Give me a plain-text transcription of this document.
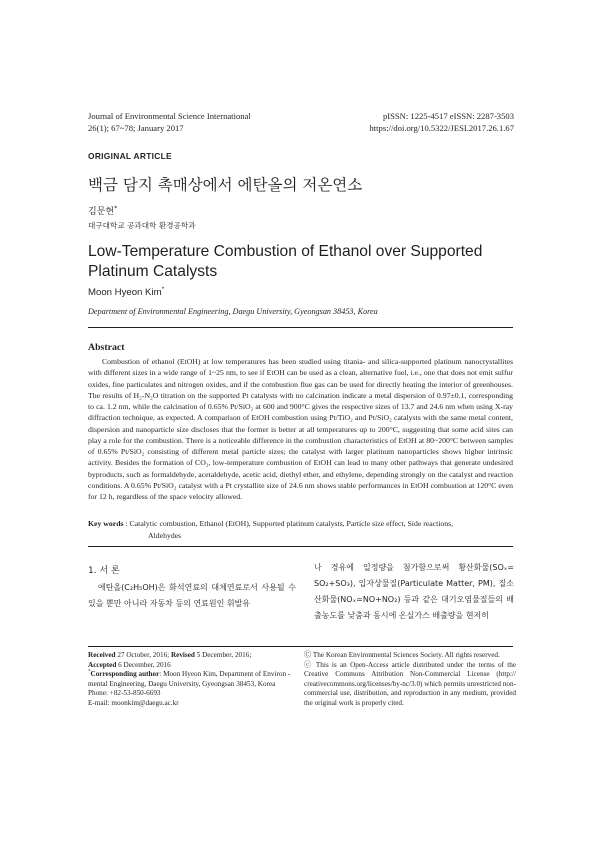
Journal of Environmental Science International
26(1); 67~78; January 2017
pISSN: 1225-4517 eISSN: 2287-3503
https://doi.org/10.5322/JESI.2017.26.1.67
ORIGINAL ARTICLE
백금 담지 촉매상에서 에탄올의 저온연소
김문현*
대구대학교 공과대학 환경공학과
Low-Temperature Combustion of Ethanol over Supported Platinum Catalysts
Moon Hyeon Kim*
Department of Environmental Engineering, Daegu University, Gyeongsan 38453, Korea
Abstract
Combustion of ethanol (EtOH) at low temperatures has been studied using titania- and silica-supported platinum nanocrystallites with different sizes in a wide range of 1~25 nm, to see if EtOH can be used as a clean, alternative fuel, i.e., one that does not emit sulfur oxides, fine particulates and nitrogen oxides, and if the combustion flue gas can be used for directly heating the interior of greenhouses. The results of H₂-N₂O titration on the supported Pt catalysts with no calcination indicate a metal dispersion of 0.97±0.1, corresponding to ca. 1.2 nm, while the calcination of 0.65% Pt/SiO₂ at 600 and 900°C gives the respective sizes of 13.7 and 24.6 nm when using X-ray diffraction technique, as expected. A comparison of EtOH combustion using Pt/TiO₂ and Pt/SiO₂ catalysts with the same metal content, dispersion and nanoparticle size discloses that the former is better at all temperatures up to 200°C, suggesting that some acid sites can play a role for the combustion. There is a noticeable difference in the combustion characteristics of EtOH at 80~200°C between samples of 0.65% Pt/SiO₂ consisting of different metal particle sizes; the catalyst with larger platinum nanoparticles shows higher intrinsic activity. Besides the formation of CO₂, low-temperature combustion of EtOH can lead to many other pathways that generate undesired byproducts, such as formaldehyde, acetaldehyde, acetic acid, diethyl ether, and ethylene, depending strongly on the catalyst and reaction conditions. A 0.65% Pt/SiO₂ catalyst with a Pt crystallite size of 24.6 nm shows stable performances in EtOH combustion at 120°C even for 12 h, regardless of the space velocity allowed.
Key words : Catalytic combustion, Ethanol (EtOH), Supported platinum catalysts, Particle size effect, Side reactions,
Aldehydes
1. 서 론
에탄올(C₂H₅OH)은 화석연료의 대체연료로서 사용될 수 있을 뿐만 아니라 자동차 등의 연료원인 휘발유
나 경유에 일정량을 첨가함으로써 황산화물(SOₓ= SO₂+SO₃), 입자상물질(Particulate Matter, PM), 질소산화물(NOₓ=NO+NO₂) 등과 같은 대기오염물질들의 배출농도를 낮춤과 동시에 온실가스 배출량을 현저히
Received 27 October, 2016; Revised 5 December, 2016;
Accepted 6 December, 2016
*Corresponding author: Moon Hyeon Kim, Department of Environ -mental Engineering, Daegu University, Gyeongsan 38453, Korea
Phone: +82-53-850-6693
E-mail: moonkim@daegu.ac.kr
Ⓒ The Korean Environmental Sciences Society. All rights reserved.
ⓒ This is an Open-Access article distributed under the terms of the Creative Commons Attribution Non-Commercial License (http:// creativecommons.org/licenses/by-nc/3.0) which permits unrestricted non-commercial use, distribution, and reproduction in any medium, provided the original work is properly cited.
